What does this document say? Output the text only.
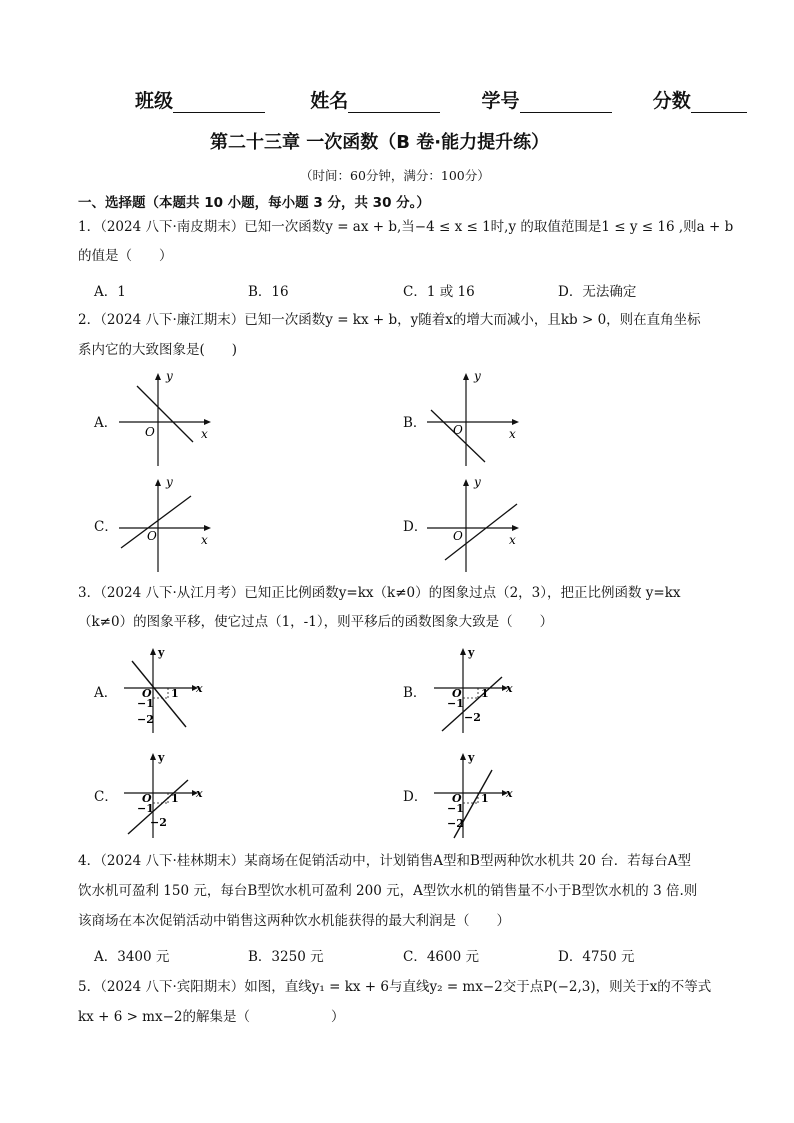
班级	姓名	学号	分数
第二十三章 一次函数（B 卷·能力提升练）
（时间：60分钟，满分：100分）
一、选择题（本题共 10 小题，每小题 3 分，共 30 分。）
1．（2024 八下·南皮期末）已知一次函数y = ax + b,当−4 ≤ x ≤ 1时,y 的取值范围是1 ≤ y ≤ 16 ,则a + b
的值是（　　）
A．1	B．16	C．1 或 16	D．无法确定
2．（2024 八下·廉江期末）已知一次函数y = kx + b，y随着x的增大而减小，且kb > 0，则在直角坐标
系内它的大致图象是(　　)
A．
y
x
O
B．
y
x
O
C．
y
x
O
D．
y
x
O
3．（2024 八下·从江月考）已知正比例函数y=kx（k≠0）的图象过点（2，3），把正比例函数 y=kx
（k≠0）的图象平移，使它过点（1，-1），则平移后的函数图象大致是（　　）
A．
y
x
O 1
−1
−2
B．
y
x
O 1
−1
−2
C．
y
x
O 1
−1
−2
D．
y
x
O 1
−1
−2
4．（2024 八下·桂林期末）某商场在促销活动中，计划销售A型和B型两种饮水机共 20 台．若每台A型
饮水机可盈利 150 元，每台B型饮水机可盈利 200 元，A型饮水机的销售量不小于B型饮水机的 3 倍.则
该商场在本次促销活动中销售这两种饮水机能获得的最大利润是（　　）
A．3400 元	B．3250 元	C．4600 元	D．4750 元
5．（2024 八下·宾阳期末）如图，直线y₁ = kx + 6与直线y₂ = mx−2交于点P(−2,3)，则关于x的不等式
kx + 6 > mx−2的解集是（　　　　　　）
